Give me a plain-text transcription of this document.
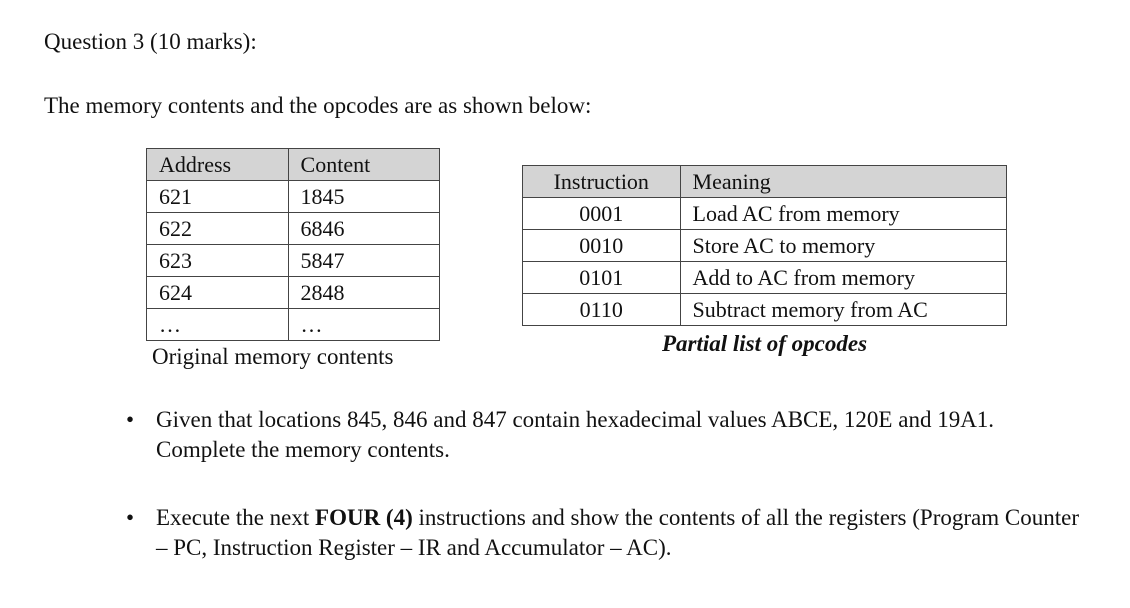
Question 3 (10 marks):
The memory contents and the opcodes are as shown below:
Address	Content
621	1845
622	6846
623	5847
624	2848
…	…
Original memory contents
Instruction	Meaning
0001	Load AC from memory
0010	Store AC to memory
0101	Add to AC from memory
0110	Subtract memory from AC
Partial list of opcodes
• Given that locations 845, 846 and 847 contain hexadecimal values ABCE, 120E and 19A1. Complete the memory contents.
• Execute the next FOUR (4) instructions and show the contents of all the registers (Program Counter – PC, Instruction Register – IR and Accumulator – AC).
